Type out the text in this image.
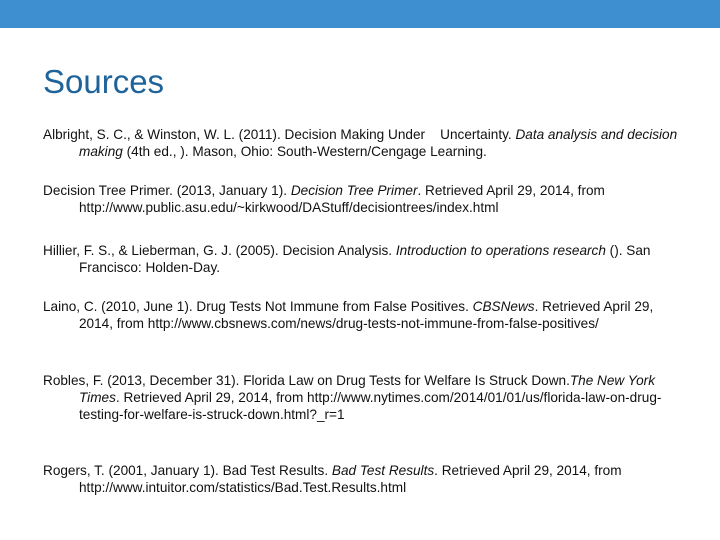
Sources
Albright, S. C., & Winston, W. L. (2011). Decision Making Under    Uncertainty. Data analysis and decision making (4th ed., ). Mason, Ohio: South-Western/Cengage Learning.
Decision Tree Primer. (2013, January 1). Decision Tree Primer. Retrieved April 29, 2014, from http://www.public.asu.edu/~kirkwood/DAStuff/decisiontrees/index.html
Hillier, F. S., & Lieberman, G. J. (2005). Decision Analysis. Introduction to operations research (). San Francisco: Holden-Day.
Laino, C. (2010, June 1). Drug Tests Not Immune from False Positives. CBSNews. Retrieved April 29, 2014, from http://www.cbsnews.com/news/drug-tests-not-immune-from-false-positives/
Robles, F. (2013, December 31). Florida Law on Drug Tests for Welfare Is Struck Down.The New York Times. Retrieved April 29, 2014, from http://www.nytimes.com/2014/01/01/us/florida-law-on-drug-testing-for-welfare-is-struck-down.html?_r=1
Rogers, T. (2001, January 1). Bad Test Results. Bad Test Results. Retrieved April 29, 2014, from http://www.intuitor.com/statistics/Bad.Test.Results.html
